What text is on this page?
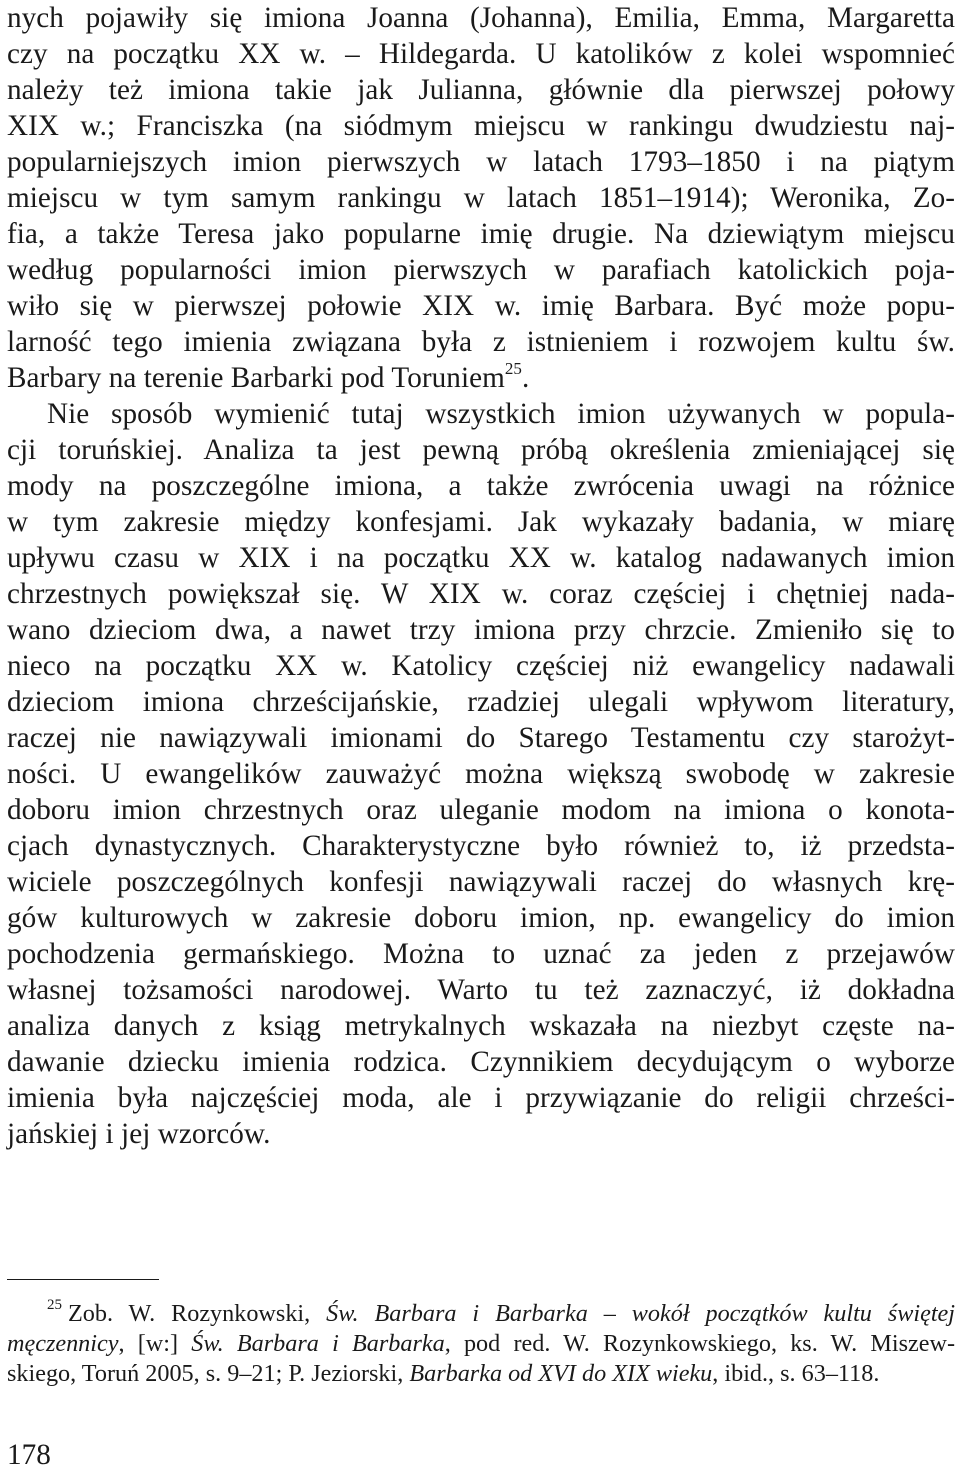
nych pojawiły się imiona Joanna (Johanna), Emilia, Emma, Margaretta
czy na początku XX w. – Hildegarda. U katolików z kolei wspomnieć
należy też imiona takie jak Julianna, głównie dla pierwszej połowy
XIX w.; Franciszka (na siódmym miejscu w rankingu dwudziestu naj-
popularniejszych imion pierwszych w latach 1793–1850 i na piątym
miejscu w tym samym rankingu w latach 1851–1914); Weronika, Zo-
fia, a także Teresa jako popularne imię drugie. Na dziewiątym miejscu
według popularności imion pierwszych w parafiach katolickich poja-
wiło się w pierwszej połowie XIX w. imię Barbara. Być może popu-
larność tego imienia związana była z istnieniem i rozwojem kultu św.
Barbary na terenie Barbarki pod Toruniem$^{25}$.
Nie sposób wymienić tutaj wszystkich imion używanych w popula-
cji toruńskiej. Analiza ta jest pewną próbą określenia zmieniającej się
mody na poszczególne imiona, a także zwrócenia uwagi na różnice
w tym zakresie między konfesjami. Jak wykazały badania, w miarę
upływu czasu w XIX i na początku XX w. katalog nadawanych imion
chrzestnych powiększał się. W XIX w. coraz częściej i chętniej nada-
wano dzieciom dwa, a nawet trzy imiona przy chrzcie. Zmieniło się to
nieco na początku XX w. Katolicy częściej niż ewangelicy nadawali
dzieciom imiona chrześcijańskie, rzadziej ulegali wpływom literatury,
raczej nie nawiązywali imionami do Starego Testamentu czy starożyt-
ności. U ewangelików zauważyć można większą swobodę w zakresie
doboru imion chrzestnych oraz uleganie modom na imiona o konota-
cjach dynastycznych. Charakterystyczne było również to, iż przedsta-
wiciele poszczególnych konfesji nawiązywali raczej do własnych krę-
gów kulturowych w zakresie doboru imion, np. ewangelicy do imion
pochodzenia germańskiego. Można to uznać za jeden z przejawów
własnej tożsamości narodowej. Warto tu też zaznaczyć, iż dokładna
analiza danych z ksiąg metrykalnych wskazała na niezbyt częste na-
dawanie dziecku imienia rodzica. Czynnikiem decydującym o wyborze
imienia była najczęściej moda, ale i przywiązanie do religii chrześci-
jańskiej i jej wzorców.
$^{25}$ Zob. W. Rozynkowski, Św. Barbara i Barbarka – wokół początków kultu świętej
męczennicy, [w:] Św. Barbara i Barbarka, pod red. W. Rozynkowskiego, ks. W. Miszew-
skiego, Toruń 2005, s. 9–21; P. Jeziorski, Barbarka od XVI do XIX wieku, ibid., s. 63–118.
178
